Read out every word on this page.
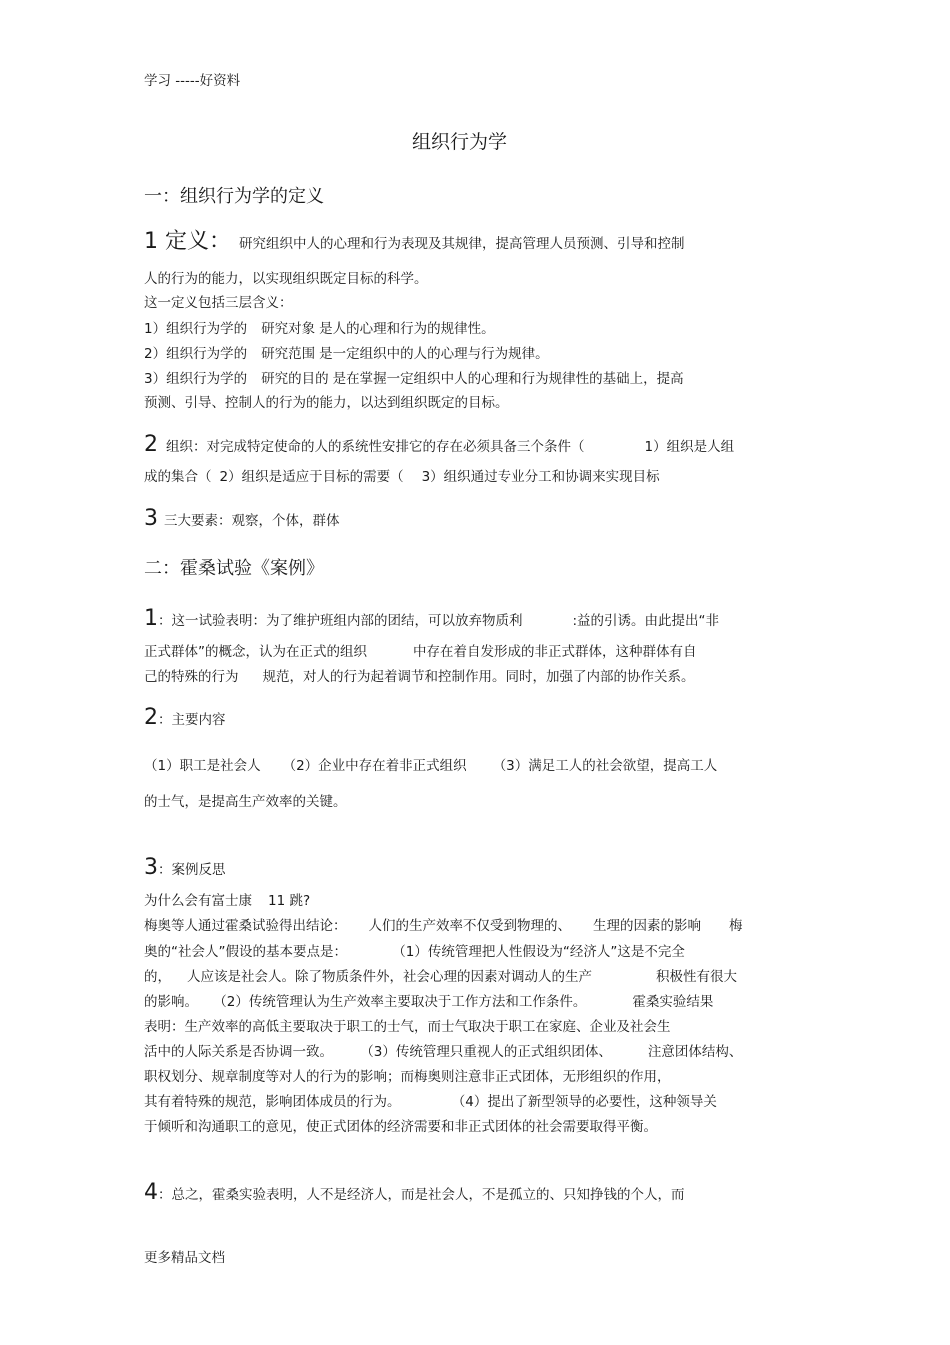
学习 -----好资料
更多精品文档
组织行为学
一：组织行为学的定义
1 定义： 研究组织中人的心理和行为表现及其规律，提高管理人员预测、引导和控制
人的行为的能力，以实现组织既定目标的科学。
这一定义包括三层含义：
1）组织行为学的 研究对象 是人的心理和行为的规律性。
2）组织行为学的 研究范围 是一定组织中的人的心理与行为规律。
3）组织行为学的 研究的目的 是在掌握一定组织中人的心理和行为规律性的基础上，提高
预测、引导、控制人的行为的能力，以达到组织既定的目标。
2 组织：对完成特定使命的人的系统性安排它的存在必须具备三个条件（	1）组织是人组
成的集合（ 2）组织是适应于目标的需要（ 3）组织通过专业分工和协调来实现目标
3 三大要素：观察，个体，群体
二：霍桑试验《案例》
1：这一试验表明：为了维护班组内部的团结，可以放弃物质利	:益的引诱。由此提出“非
正式群体”的概念，认为在正式的组织	中存在着自发形成的非正式群体，这种群体有自
己的特殊的行为 规范，对人的行为起着调节和控制作用。同时，加强了内部的协作关系。
2：主要内容
（1）职工是社会人 （2）企业中存在着非正式组织 （3）满足工人的社会欲望，提高工人
的士气，是提高生产效率的关键。
3：案例反思
为什么会有富士康 11 跳?
梅奥等人通过霍桑试验得出结论： 人们的生产效率不仅受到物理的、 生理的因素的影响 梅
奥的“社会人”假设的基本要点是：	（1）传统管理把人性假设为“经济人”这是不完全
的， 人应该是社会人。除了物质条件外，社会心理的因素对调动人的生产	积极性有很大
的影响。 （2）传统管理认为生产效率主要取决于工作方法和工作条件。	霍桑实验结果
表明：生产效率的高低主要取决于职工的士气，而士气取决于职工在家庭、企业及社会生
活中的人际关系是否协调一致。	（3）传统管理只重视人的正式组织团体、	注意团体结构、
职权划分、规章制度等对人的行为的影响；而梅奥则注意非正式团体，无形组织的作用，
其有着特殊的规范，影响团体成员的行为。	（4）提出了新型领导的必要性，这种领导关
于倾听和沟通职工的意见，使正式团体的经济需要和非正式团体的社会需要取得平衡。
4：总之，霍桑实验表明，人不是经济人，而是社会人，不是孤立的、只知挣钱的个人，而
